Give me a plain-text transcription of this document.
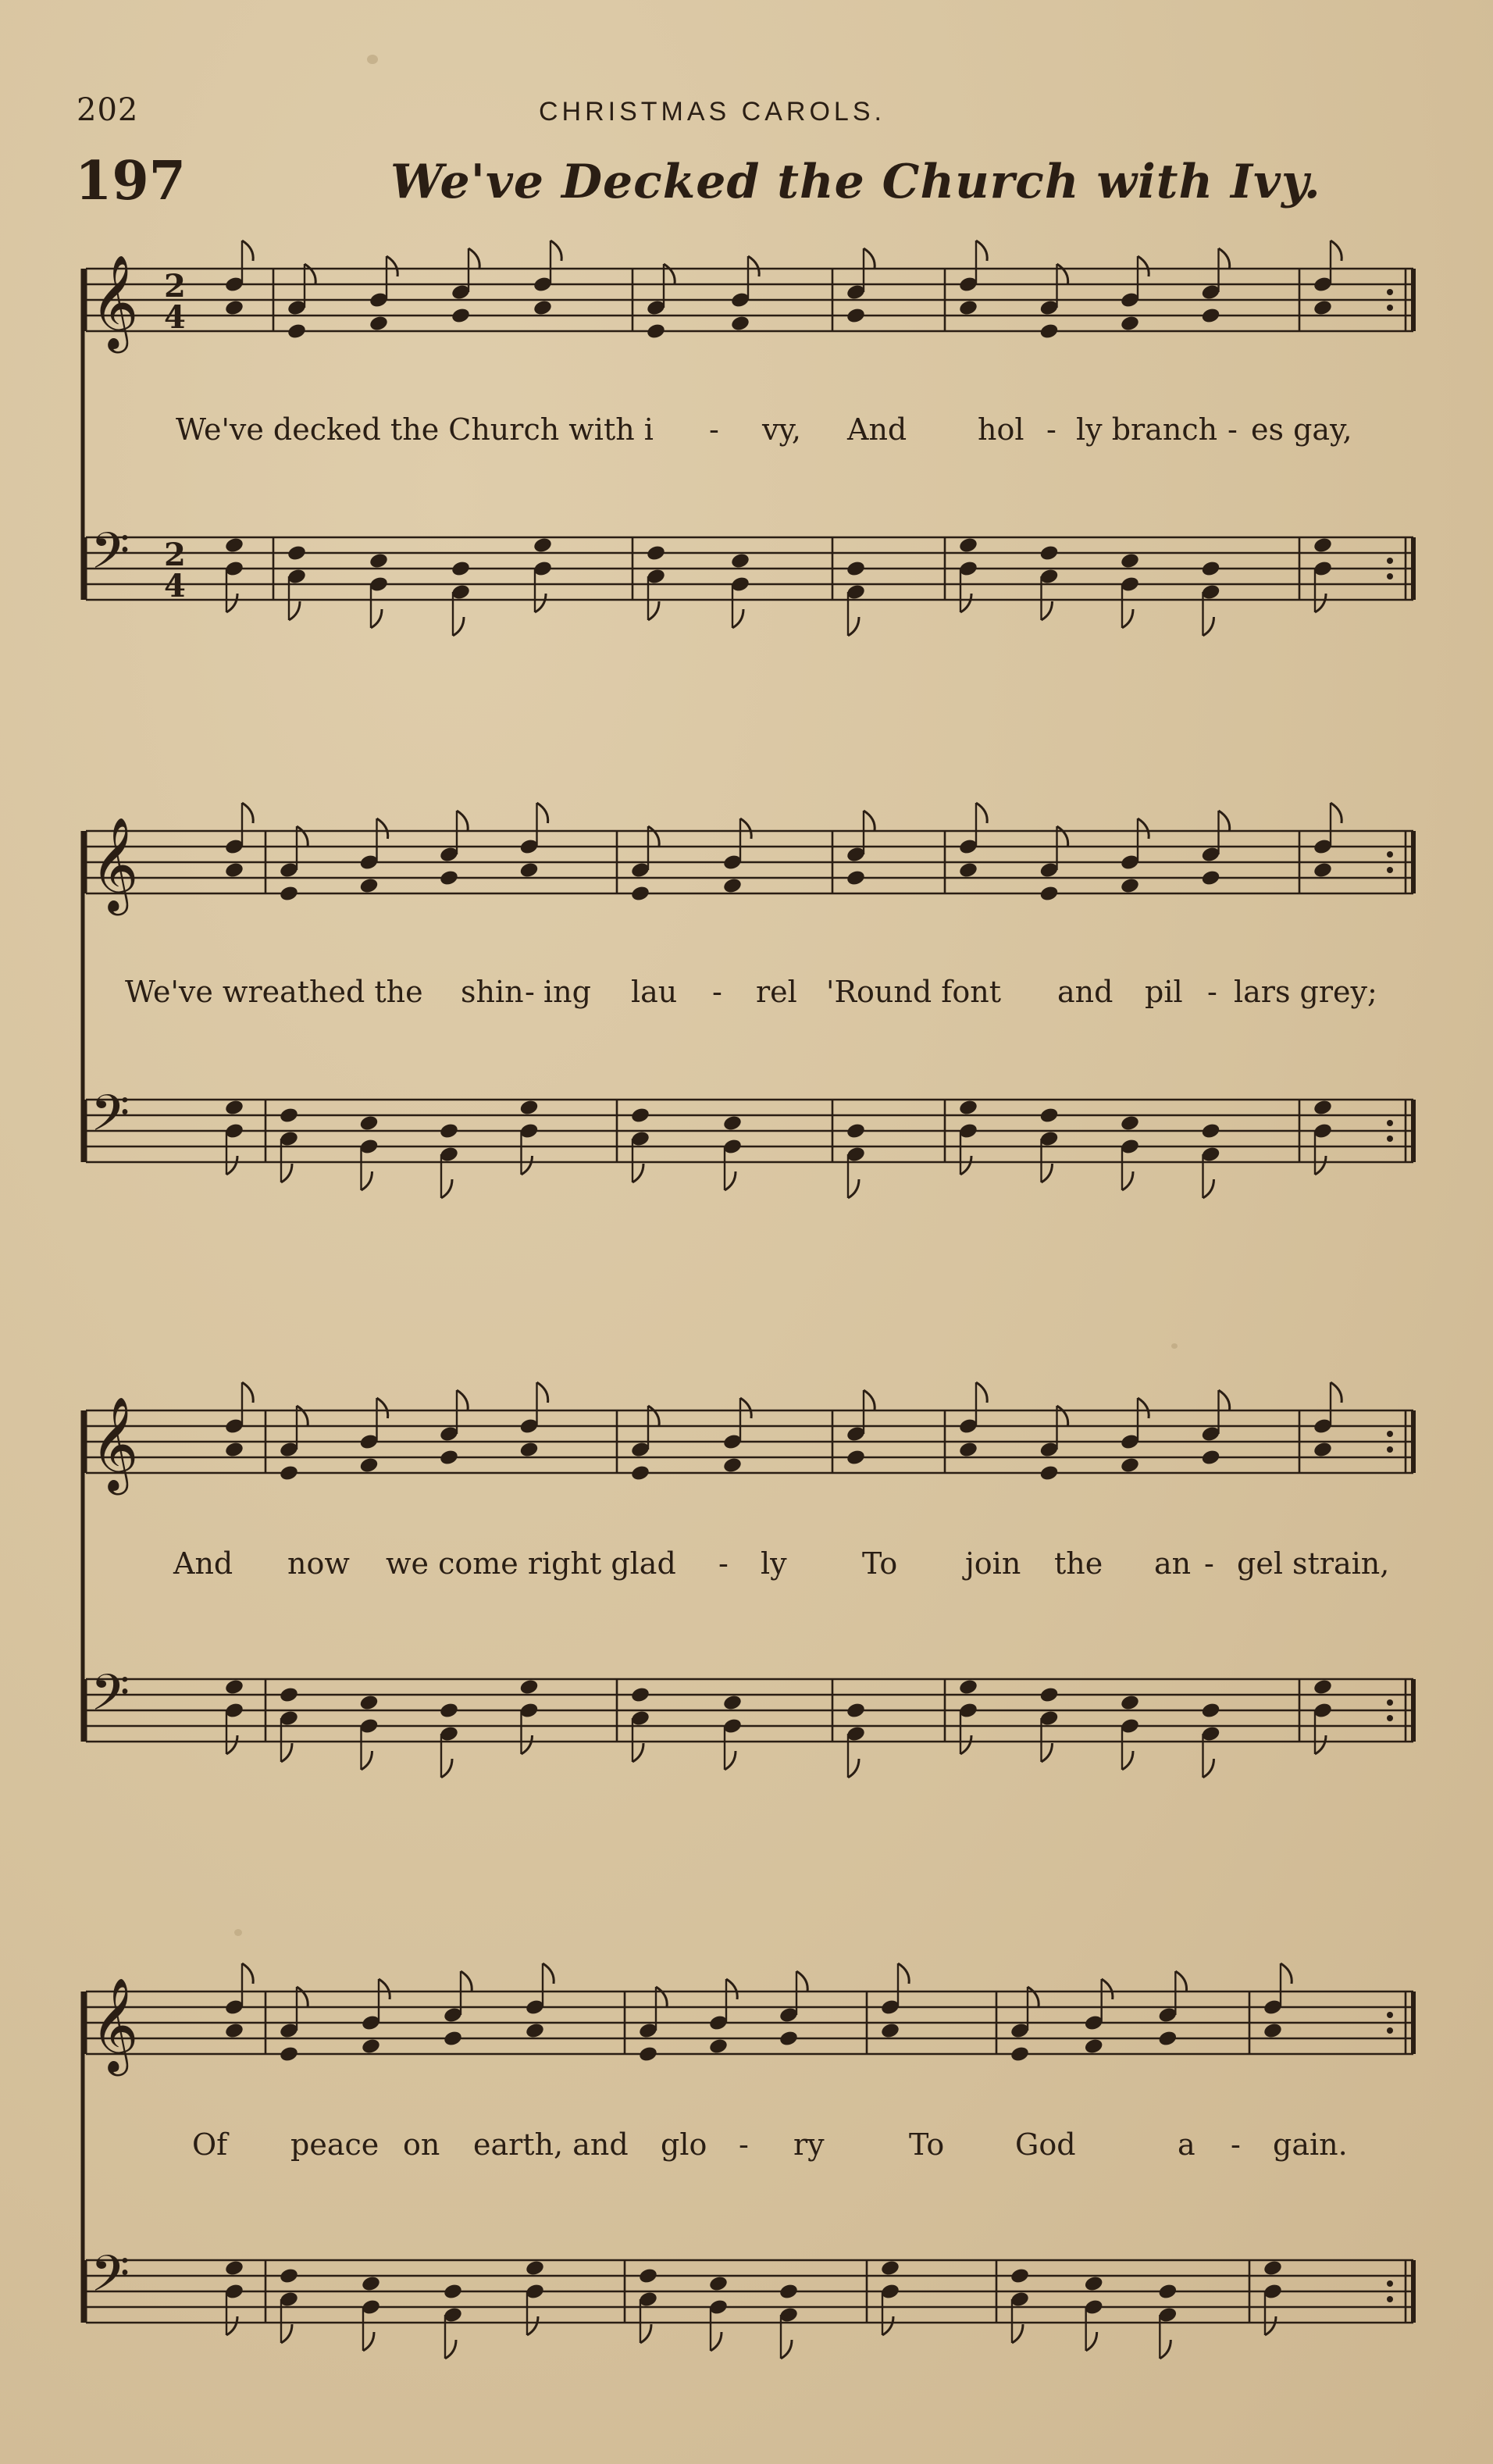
202	CHRISTMAS CAROLS.
197	We've Decked the Church with Ivy.
𝄞
𝄢
2
4
2
4
We've decked the Church with i - vy, And hol - ly branch - es gay,
𝄞
𝄢
We've wreathed the shin - ing lau - rel 'Round font and pil - lars grey;
𝄞
𝄢
And now we come right glad - ly	To join the an - gel strain,
𝄞
𝄢
Of peace on earth, and glo - ry	To God	a - gain.
